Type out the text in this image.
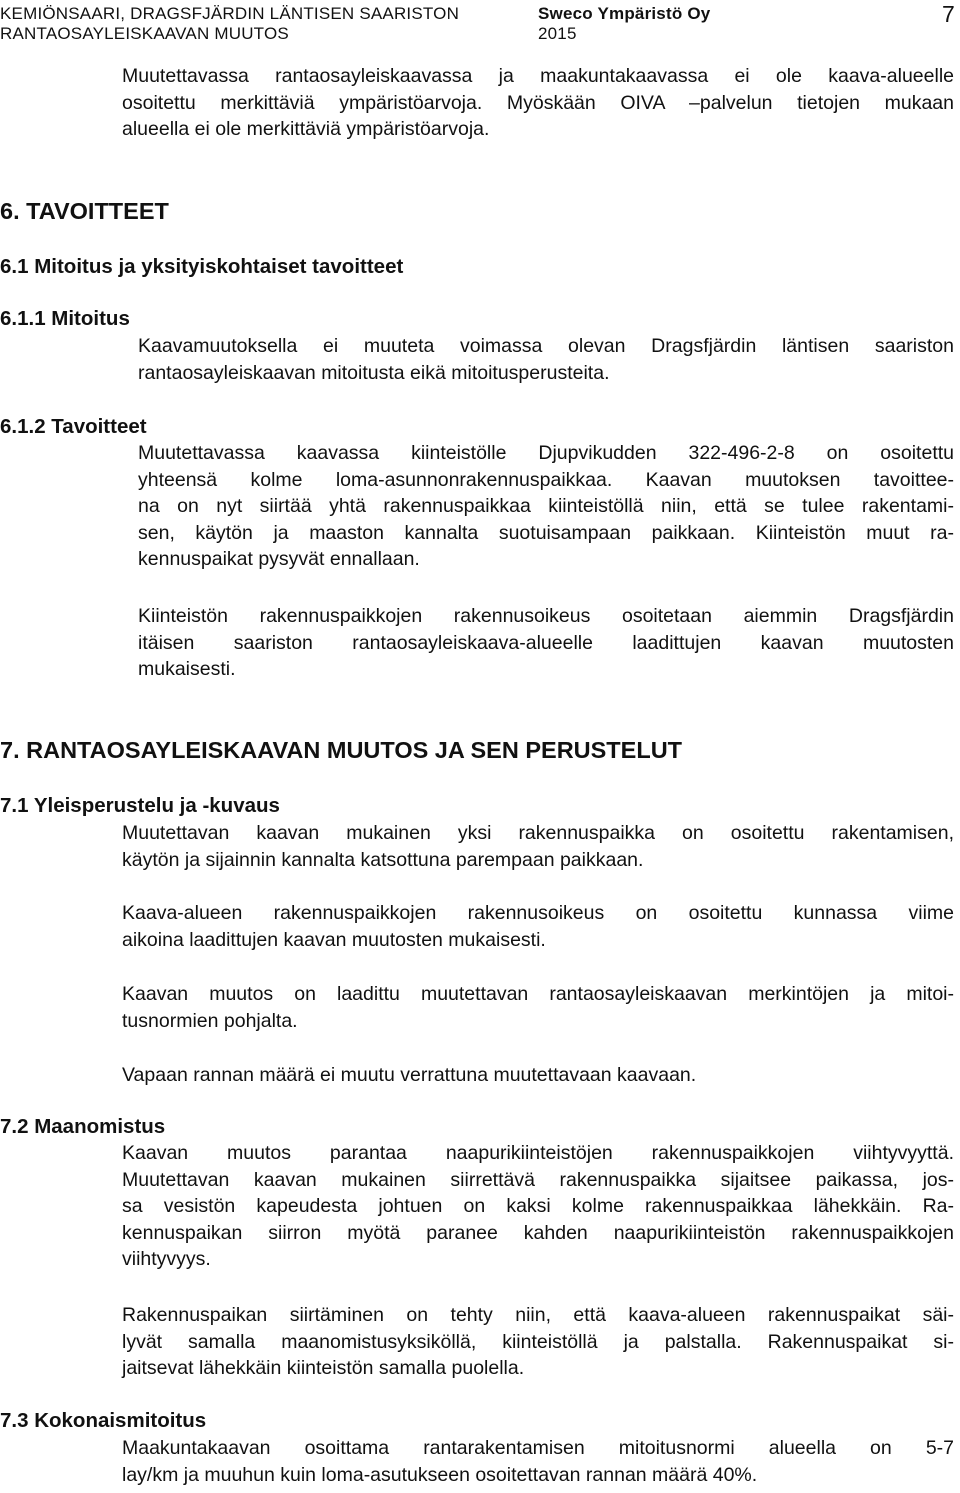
KEMIÖNSAARI, DRAGSFJÄRDIN LÄNTISEN SAARISTON
RANTAOSAYLEISKAAVAN MUUTOS
Sweco Ympäristö Oy
2015
7
Muutettavassa rantaosayleiskaavassa ja maakuntakaavassa ei ole kaava-alueelle
osoitettu merkittäviä ympäristöarvoja. Myöskään OIVA –palvelun tietojen mukaan
alueella ei ole merkittäviä ympäristöarvoja.
6. TAVOITTEET
6.1 Mitoitus ja yksityiskohtaiset tavoitteet
6.1.1 Mitoitus
Kaavamuutoksella ei muuteta voimassa olevan Dragsfjärdin läntisen saariston
rantaosayleiskaavan mitoitusta eikä mitoitusperusteita.
6.1.2 Tavoitteet
Muutettavassa kaavassa kiinteistölle Djupvikudden 322-496-2-8 on osoitettu
yhteensä kolme loma-asunnonrakennuspaikkaa. Kaavan muutoksen tavoittee-
na on nyt siirtää yhtä rakennuspaikkaa kiinteistöllä niin, että se tulee rakentami-
sen, käytön ja maaston kannalta suotuisampaan paikkaan. Kiinteistön muut ra-
kennuspaikat pysyvät ennallaan.
Kiinteistön rakennuspaikkojen rakennusoikeus osoitetaan aiemmin Dragsfjärdin
itäisen saariston rantaosayleiskaava-alueelle laadittujen kaavan muutosten
mukaisesti.
7. RANTAOSAYLEISKAAVAN MUUTOS JA SEN PERUSTELUT
7.1 Yleisperustelu ja -kuvaus
Muutettavan kaavan mukainen yksi rakennuspaikka on osoitettu rakentamisen,
käytön ja sijainnin kannalta katsottuna parempaan paikkaan.
Kaava-alueen rakennuspaikkojen rakennusoikeus on osoitettu kunnassa viime
aikoina laadittujen kaavan muutosten mukaisesti.
Kaavan muutos on laadittu muutettavan rantaosayleiskaavan merkintöjen ja mitoi-
tusnormien pohjalta.
Vapaan rannan määrä ei muutu verrattuna muutettavaan kaavaan.
7.2 Maanomistus
Kaavan muutos parantaa naapurikiinteistöjen rakennuspaikkojen viihtyvyyttä.
Muutettavan kaavan mukainen siirrettävä rakennuspaikka sijaitsee paikassa, jos-
sa vesistön kapeudesta johtuen on kaksi kolme rakennuspaikkaa lähekkäin. Ra-
kennuspaikan siirron myötä paranee kahden naapurikiinteistön rakennuspaikkojen
viihtyvyys.
Rakennuspaikan siirtäminen on tehty niin, että kaava-alueen rakennuspaikat säi-
lyvät samalla maanomistusyksiköllä, kiinteistöllä ja palstalla. Rakennuspaikat si-
jaitsevat lähekkäin kiinteistön samalla puolella.
7.3 Kokonaismitoitus
Maakuntakaavan osoittama rantarakentamisen mitoitusnormi alueella on 5-7
lay/km ja muuhun kuin loma-asutukseen osoitettavan rannan määrä 40%.
